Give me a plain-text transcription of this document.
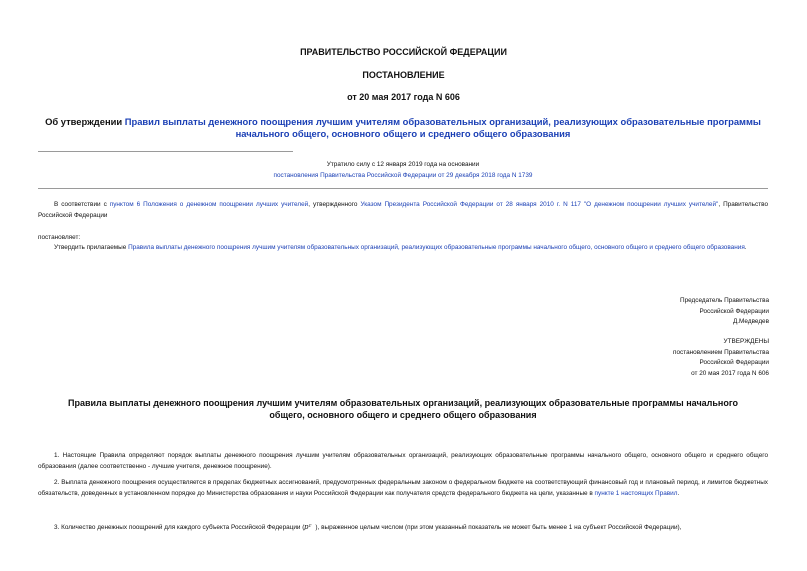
ПРАВИТЕЛЬСТВО РОССИЙСКОЙ ФЕДЕРАЦИИ
ПОСТАНОВЛЕНИЕ
от 20 мая 2017 года N 606
Об утверждении Правил выплаты денежного поощрения лучшим учителям образовательных организаций, реализующих образовательные программы начального общего, основного общего и среднего общего образования
Утратило силу с 12 января 2019 года на основании
постановления Правительства Российской Федерации от 29 декабря 2018 года N 1739
В соответствии с пунктом 6 Положения о денежном поощрении лучших учителей, утвержденного Указом Президента Российской Федерации от 28 января 2010 г. N 117 "О денежном поощрении лучших учителей", Правительство Российской Федерации
постановляет:
Утвердить прилагаемые Правила выплаты денежного поощрения лучшим учителям образовательных организаций, реализующих образовательные программы начального общего, основного общего и среднего общего образования.
Председатель Правительства
Российской Федерации
Д.Медведев
УТВЕРЖДЕНЫ
постановлением Правительства
Российской Федерации
от 20 мая 2017 года N 606
Правила выплаты денежного поощрения лучшим учителям образовательных организаций, реализующих образовательные программы начального общего, основного общего и среднего общего образования
1. Настоящие Правила определяют порядок выплаты денежного поощрения лучшим учителям образовательных организаций, реализующих образовательные программы начального общего, основного общего и среднего общего образования (далее соответственно - лучшие учителя, денежное поощрение).
2. Выплата денежного поощрения осуществляется в пределах бюджетных ассигнований, предусмотренных федеральным законом о федеральном бюджете на соответствующий финансовый год и плановый период, и лимитов бюджетных обязательств, доведенных в установленном порядке до Министерства образования и науки Российской Федерации как получателя средств федерального бюджета на цели, указанные в пункте 1 настоящих Правил.
3. Количество денежных поощрений для каждого субъекта Российской Федерации ( p r ), выраженное целым числом (при этом указанный показатель не может быть менее 1 на субъект Российской Федерации),
